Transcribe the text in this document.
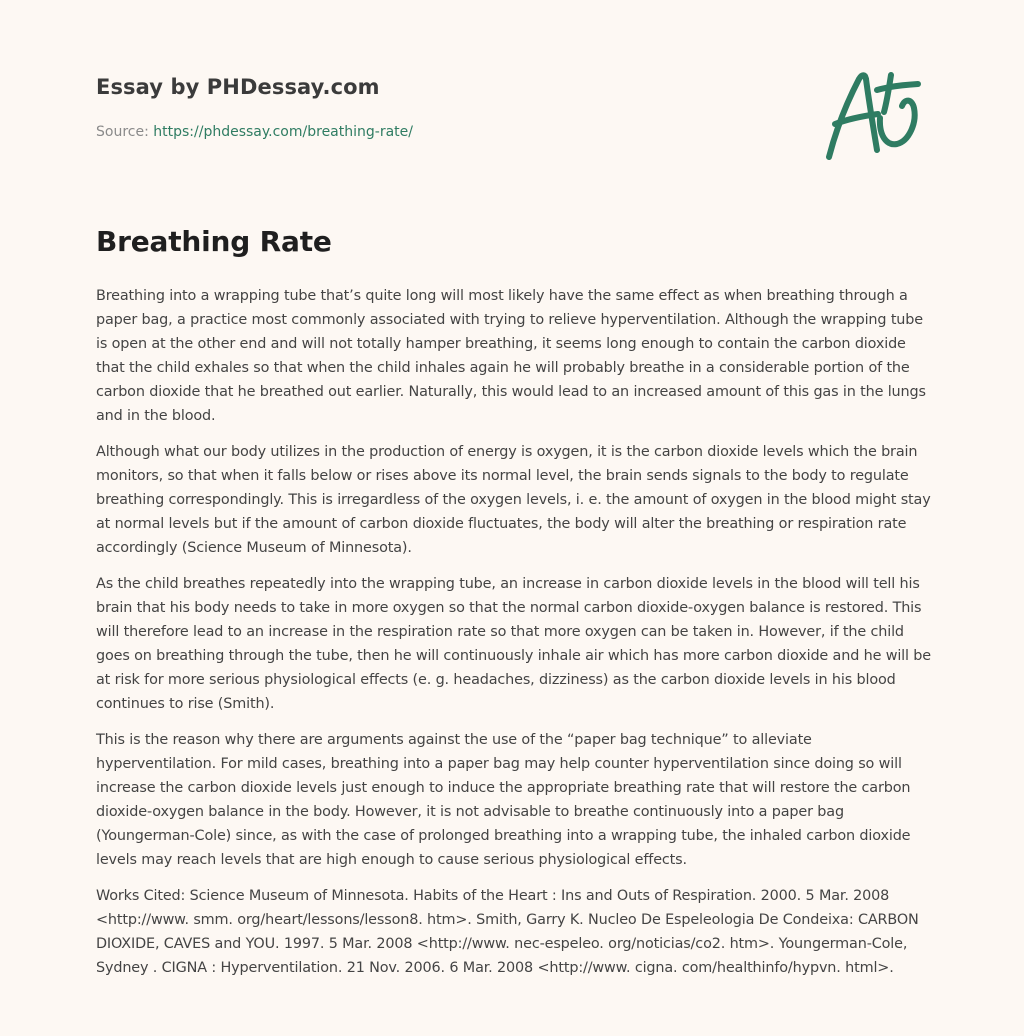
Essay by PHDessay.com
Source: https://phdessay.com/breathing-rate/
Breathing Rate

Breathing into a wrapping tube that’s quite long will most likely have the same effect as when breathing through a paper bag, a practice most commonly associated with trying to relieve hyperventilation. Although the wrapping tube is open at the other end and will not totally hamper breathing, it seems long enough to contain the carbon dioxide that the child exhales so that when the child inhales again he will probably breathe in a considerable portion of the carbon dioxide that he breathed out earlier. Naturally, this would lead to an increased amount of this gas in the lungs and in the blood.

Although what our body utilizes in the production of energy is oxygen, it is the carbon dioxide levels which the brain monitors, so that when it falls below or rises above its normal level, the brain sends signals to the body to regulate breathing correspondingly. This is irregardless of the oxygen levels, i. e. the amount of oxygen in the blood might stay at normal levels but if the amount of carbon dioxide fluctuates, the body will alter the breathing or respiration rate accordingly (Science Museum of Minnesota).

As the child breathes repeatedly into the wrapping tube, an increase in carbon dioxide levels in the blood will tell his brain that his body needs to take in more oxygen so that the normal carbon dioxide-oxygen balance is restored. This will therefore lead to an increase in the respiration rate so that more oxygen can be taken in. However, if the child goes on breathing through the tube, then he will continuously inhale air which has more carbon dioxide and he will be at risk for more serious physiological effects (e. g. headaches, dizziness) as the carbon dioxide levels in his blood continues to rise (Smith).

This is the reason why there are arguments against the use of the “paper bag technique” to alleviate hyperventilation. For mild cases, breathing into a paper bag may help counter hyperventilation since doing so will increase the carbon dioxide levels just enough to induce the appropriate breathing rate that will restore the carbon dioxide-oxygen balance in the body. However, it is not advisable to breathe continuously into a paper bag (Youngerman-Cole) since, as with the case of prolonged breathing into a wrapping tube, the inhaled carbon dioxide levels may reach levels that are high enough to cause serious physiological effects.

Works Cited: Science Museum of Minnesota. Habits of the Heart : Ins and Outs of Respiration. 2000. 5 Mar. 2008 <http://www. smm. org/heart/lessons/lesson8. htm>. Smith, Garry K. Nucleo De Espeleologia De Condeixa: CARBON DIOXIDE, CAVES and YOU. 1997. 5 Mar. 2008 <http://www. nec-espeleo. org/noticias/co2. htm>. Youngerman-Cole, Sydney . CIGNA : Hyperventilation. 21 Nov. 2006. 6 Mar. 2008 <http://www. cigna. com/healthinfo/hypvn. html>.
